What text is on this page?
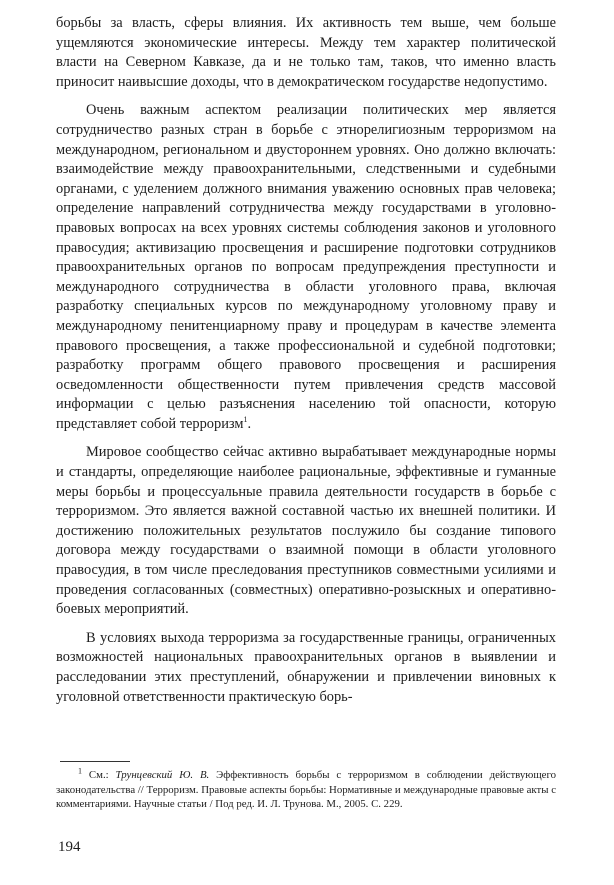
борьбы за власть, сферы влияния. Их активность тем выше, чем больше ущемляются экономические интересы. Между тем характер политической власти на Северном Кавказе, да и не только там, таков, что именно власть приносит наивысшие доходы, что в демократическом государстве недопустимо.

Очень важным аспектом реализации политических мер является сотрудничество разных стран в борьбе с этнорелигиозным терроризмом на международном, региональном и двустороннем уровнях. Оно должно включать: взаимодействие между правоохранительными, следственными и судебными органами, с уделением должного внимания уважению основных прав человека; определение направлений сотрудничества между государствами в уголовно-правовых вопросах на всех уровнях системы соблюдения законов и уголовного правосудия; активизацию просвещения и расширение подготовки сотрудников правоохранительных органов по вопросам предупреждения преступности и международного сотрудничества в области уголовного права, включая разработку специальных курсов по международному уголовному праву и международному пенитенциарному праву и процедурам в качестве элемента правового просвещения, а также профессиональной и судебной подготовки; разработку программ общего правового просвещения и расширения осведомленности общественности путем привлечения средств массовой информации с целью разъяснения населению той опасности, которую представляет собой терроризм$^1$.

Мировое сообщество сейчас активно вырабатывает международные нормы и стандарты, определяющие наиболее рациональные, эффективные и гуманные меры борьбы и процессуальные правила деятельности государств в борьбе с терроризмом. Это является важной составной частью их внешней политики. И достижению положительных результатов послужило бы создание типового договора между государствами о взаимной помощи в области уголовного правосудия, в том числе преследования преступников совместными усилиями и проведения согласованных (совместных) оперативно-розыскных и оперативно-боевых мероприятий.

В условиях выхода терроризма за государственные границы, ограниченных возможностей национальных правоохранительных органов в выявлении и расследовании этих преступлений, обнаружении и привлечении виновных к уголовной ответственности практическую борь-

$^1$ См.: Трунцевский Ю. В. Эффективность борьбы с терроризмом в соблюдении действующего законодательства // Терроризм. Правовые аспекты борьбы: Нормативные и международные правовые акты с комментариями. Научные статьи / Под ред. И. Л. Трунова. М., 2005. С. 229.

194
